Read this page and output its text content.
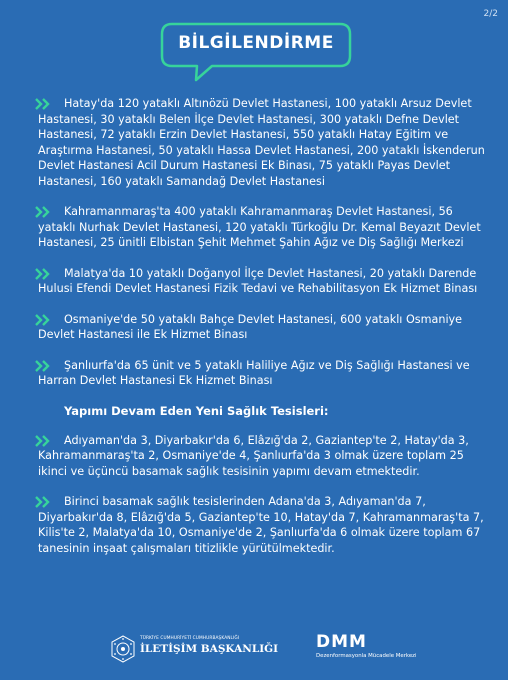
2/2
BİLGİLENDİRME
Hatay'da 120 yataklı Altınözü Devlet Hastanesi, 100 yataklı Arsuz Devlet Hastanesi, 30 yataklı Belen İlçe Devlet Hastanesi, 300 yataklı Defne Devlet Hastanesi, 72 yataklı Erzin Devlet Hastanesi, 550 yataklı Hatay Eğitim ve Araştırma Hastanesi, 50 yataklı Hassa Devlet Hastanesi, 200 yataklı İskenderun Devlet Hastanesi Acil Durum Hastanesi Ek Binası, 75 yataklı Payas Devlet Hastanesi, 160 yataklı Samandağ Devlet Hastanesi
Kahramanmaraş'ta 400 yataklı Kahramanmaraş Devlet Hastanesi, 56 yataklı Nurhak Devlet Hastanesi, 120 yataklı Türkoğlu Dr. Kemal Beyazıt Devlet Hastanesi, 25 ünitli Elbistan Şehit Mehmet Şahin Ağız ve Diş Sağlığı Merkezi
Malatya'da 10 yataklı Doğanyol İlçe Devlet Hastanesi, 20 yataklı Darende Hulusi Efendi Devlet Hastanesi Fizik Tedavi ve Rehabilitasyon Ek Hizmet Binası
Osmaniye'de 50 yataklı Bahçe Devlet Hastanesi, 600 yataklı Osmaniye Devlet Hastanesi ile Ek Hizmet Binası
Şanlıurfa'da 65 ünit ve 5 yataklı Haliliye Ağız ve Diş Sağlığı Hastanesi ve Harran Devlet Hastanesi Ek Hizmet Binası
Yapımı Devam Eden Yeni Sağlık Tesisleri:
Adıyaman'da 3, Diyarbakır'da 6, Elâzığ'da 2, Gaziantep'te 2, Hatay'da 3, Kahramanmaraş'ta 2, Osmaniye'de 4, Şanlıurfa'da 3 olmak üzere toplam 25 ikinci ve üçüncü basamak sağlık tesisinin yapımı devam etmektedir.
Birinci basamak sağlık tesislerinden Adana'da 3, Adıyaman'da 7, Diyarbakır'da 8, Elâzığ'da 5, Gaziantep'te 10, Hatay'da 7, Kahramanmaraş'ta 7, Kilis'te 2, Malatya'da 10, Osmaniye'de 2, Şanlıurfa'da 6 olmak üzere toplam 67 tanesinin inşaat çalışmaları titizlikle yürütülmektedir.
TÜRKİYE CUMHURİYETİ CUMHURBAŞKANLIĞI
İLETİŞİM BAŞKANLIĞI DMM
Dezenformasyonla Mücadele Merkezi
